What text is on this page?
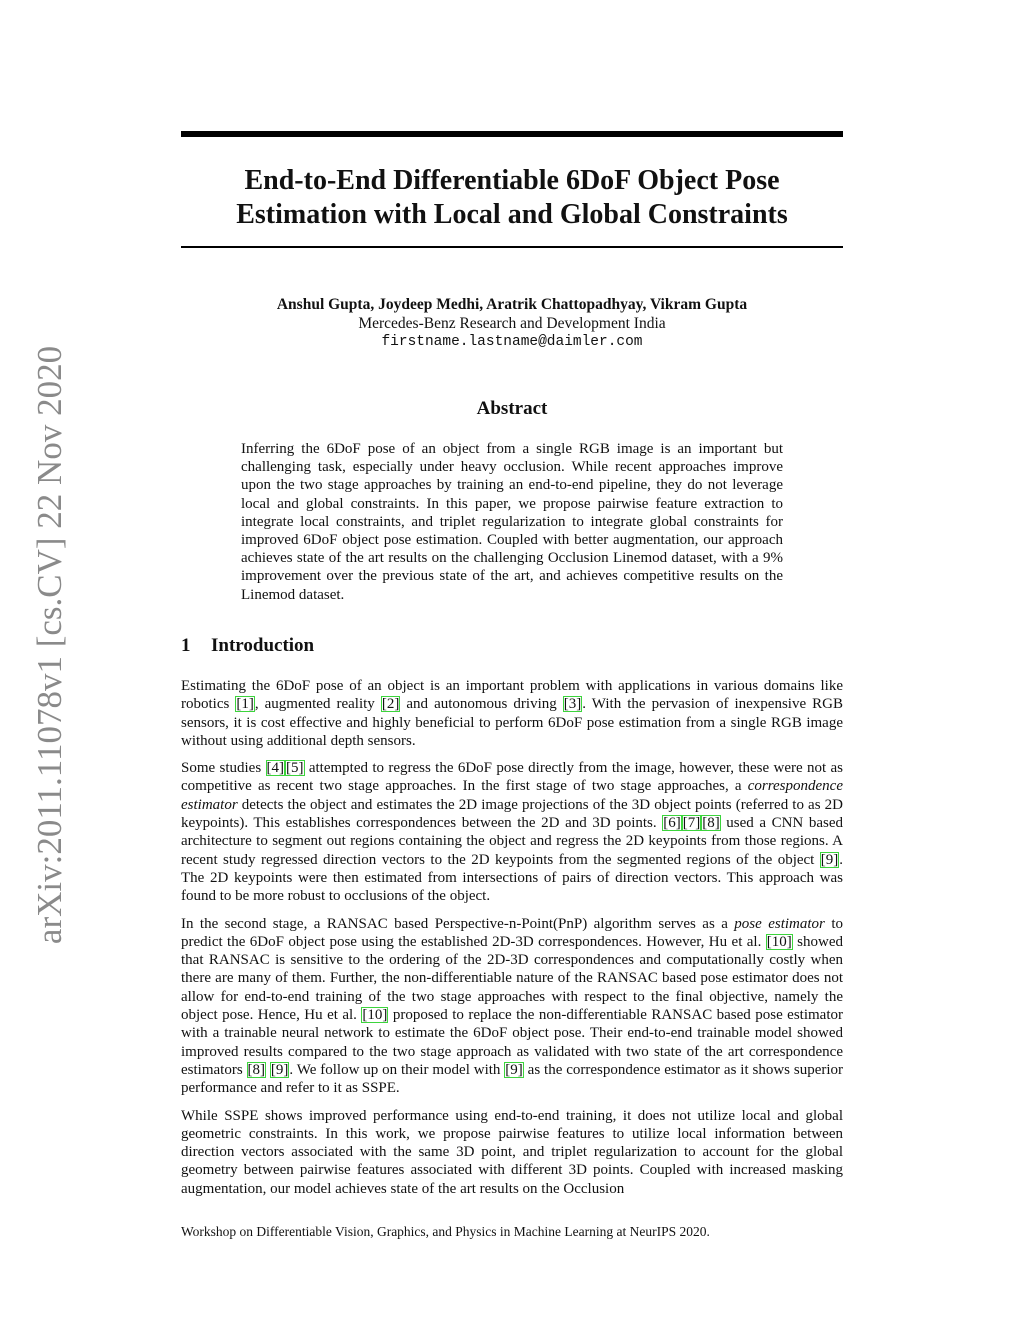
arXiv:2011.11078v1 [cs.CV] 22 Nov 2020
End-to-End Differentiable 6DoF Object Pose
Estimation with Local and Global Constraints
Anshul Gupta, Joydeep Medhi, Aratrik Chattopadhyay, Vikram Gupta
Mercedes-Benz Research and Development India
firstname.lastname@daimler.com
Abstract

Inferring the 6DoF pose of an object from a single RGB image is an important but challenging task, especially under heavy occlusion. While recent approaches improve upon the two stage approaches by training an end-to-end pipeline, they do not leverage local and global constraints. In this paper, we propose pairwise feature extraction to integrate local constraints, and triplet regularization to integrate global constraints for improved 6DoF object pose estimation. Coupled with better augmentation, our approach achieves state of the art results on the challenging Occlusion Linemod dataset, with a 9% improvement over the previous state of the art, and achieves competitive results on the Linemod dataset.

1 Introduction

Estimating the 6DoF pose of an object is an important problem with applications in various domains like robotics [1], augmented reality [2] and autonomous driving [3]. With the pervasion of inexpensive RGB sensors, it is cost effective and highly beneficial to perform 6DoF pose estimation from a single RGB image without using additional depth sensors.

Some studies [4] [5] attempted to regress the 6DoF pose directly from the image, however, these were not as competitive as recent two stage approaches. In the first stage of two stage approaches, a correspondence estimator detects the object and estimates the 2D image projections of the 3D object points (referred to as 2D keypoints). This establishes correspondences between the 2D and 3D points. [6] [7] [8] used a CNN based architecture to segment out regions containing the object and regress the 2D keypoints from those regions. A recent study regressed direction vectors to the 2D keypoints from the segmented regions of the object [9]. The 2D keypoints were then estimated from intersections of pairs of direction vectors. This approach was found to be more robust to occlusions of the object.

In the second stage, a RANSAC based Perspective-n-Point(PnP) algorithm serves as a pose estimator to predict the 6DoF object pose using the established 2D-3D correspondences. However, Hu et al. [10] showed that RANSAC is sensitive to the ordering of the 2D-3D correspondences and computationally costly when there are many of them. Further, the non-differentiable nature of the RANSAC based pose estimator does not allow for end-to-end training of the two stage approaches with respect to the final objective, namely the object pose. Hence, Hu et al. [10] proposed to replace the non-differentiable RANSAC based pose estimator with a trainable neural network to estimate the 6DoF object pose. Their end-to-end trainable model showed improved results compared to the two stage approach as validated with two state of the art correspondence estimators [8] [9]. We follow up on their model with [9] as the correspondence estimator as it shows superior performance and refer to it as SSPE.

While SSPE shows improved performance using end-to-end training, it does not utilize local and global geometric constraints. In this work, we propose pairwise features to utilize local information between direction vectors associated with the same 3D point, and triplet regularization to account for the global geometry between pairwise features associated with different 3D points. Coupled with increased masking augmentation, our model achieves state of the art results on the Occlusion

Workshop on Differentiable Vision, Graphics, and Physics in Machine Learning at NeurIPS 2020.
